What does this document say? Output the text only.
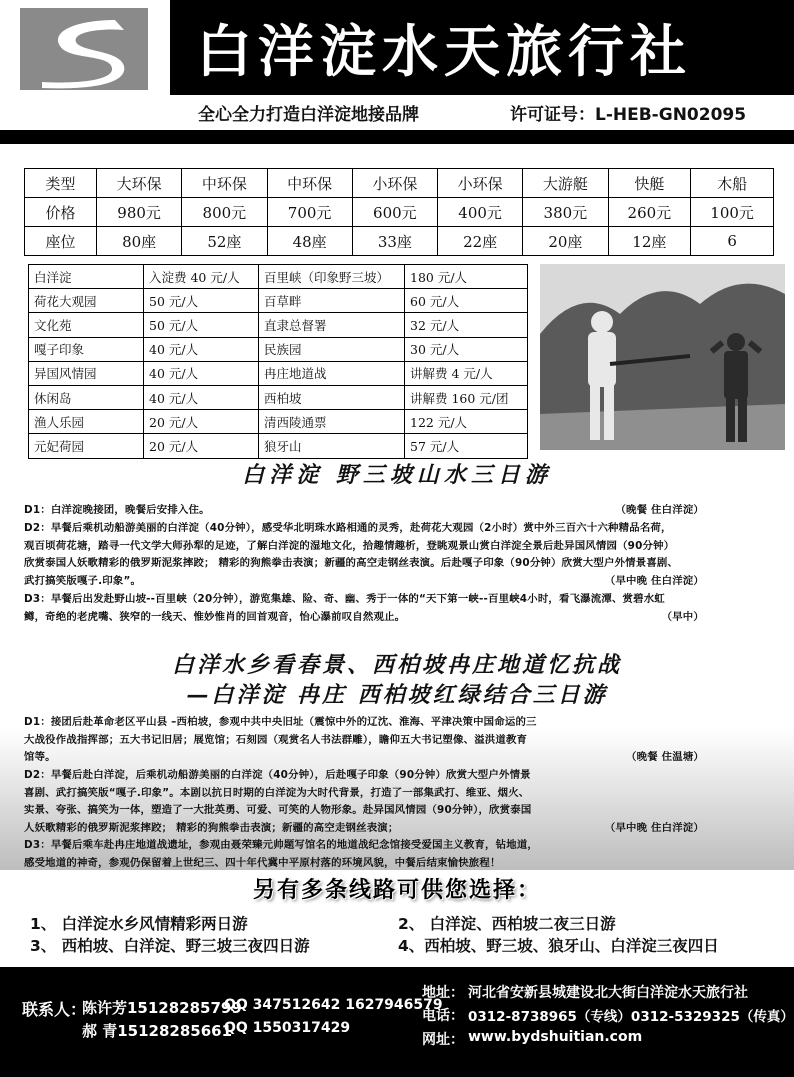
白洋淀水天旅行社
全心全力打造白洋淀地接品牌	许可证号：L-HEB-GN02095
类型	大环保	中环保	中环保	小环保	小环保	大游艇	快艇	木船
价格	980元	800元	700元	600元	400元	380元	260元	100元
座位	80座	52座	48座	33座	22座	20座	12座	6
白洋淀	入淀费 40 元/人	百里峡（印象野三坡）	180 元/人
荷花大观园	50 元/人	百草畔	60 元/人
文化苑	50 元/人	直隶总督署	32 元/人
嘎子印象	40 元/人	民族园	30 元/人
异国风情园	40 元/人	冉庄地道战	讲解费 4 元/人
休闲岛	40 元/人	西柏坡	讲解费 160 元/团
渔人乐园	20 元/人	清西陵通票	122 元/人
元妃荷园	20 元/人	狼牙山	57 元/人
白洋淀 野三坡山水三日游
D1：白洋淀晚接团，晚餐后安排入住。	（晚餐 住白洋淀）
D2：早餐后乘机动船游美丽的白洋淀（40分钟），感受华北明珠水路相通的灵秀，赴荷花大观园（2小时）赏中外三百六十六种精品名荷，
观百顷荷花塘，踏寻一代文学大师孙犁的足迹，了解白洋淀的湿地文化，拾趣情趣析，登眺观景山赏白洋淀全景后赴异国风情园（90分钟）
欣赏泰国人妖歌精彩的俄罗斯泥浆摔跤； 精彩的狗熊拳击表演；新疆的高空走钢丝表演。后赴嘎子印象（90分钟）欣赏大型户外情景喜剧、
武打搞笑版嘎子.印象”。	（早中晚 住白洋淀）
D3：早餐后出发赴野山坡--百里峡（20分钟），游览集雄、险、奇、幽、秀于一体的“天下第一峡--百里峡4小时，看飞瀑流潭、赏碧水虹
鳟，奇绝的老虎嘴、狭窄的一线天、惟妙惟肖的回首观音，怡心瀑前叹自然观止。	（早中）
白洋水乡看春景、西柏坡冉庄地道忆抗战
—白洋淀 冉庄 西柏坡红绿结合三日游
D1：接团后赴革命老区平山县 –西柏坡，参观中共中央旧址（震惊中外的辽沈、淮海、平津决策中国命运的三
大战役作战指挥部；五大书记旧居；展览馆；石刻园（观赏名人书法群雕），瞻仰五大书记塑像、溢洪道教育
馆等。	（晚餐 住温塘）
D2：早餐后赴白洋淀，后乘机动船游美丽的白洋淀（40分钟），后赴嘎子印象（90分钟）欣赏大型户外情景
喜剧、武打搞笑版“嘎子.印象”。本剧以抗日时期的白洋淀为大时代背景，打造了一部集武打、维亚、烟火、
实景、夸张、搞笑为一体，塑造了一大批英勇、可爱、可笑的人物形象。赴异国风情园（90分钟），欣赏泰国
人妖歌精彩的俄罗斯泥浆摔跤； 精彩的狗熊拳击表演；新疆的高空走钢丝表演；	（早中晚 住白洋淀）
D3：早餐后乘车赴冉庄地道战遗址，参观由聂荣臻元帅题写馆名的地道战纪念馆接受爱国主义教育，钻地道，
感受地道的神奇，参观仍保留着上世纪三、四十年代冀中平原村落的环境风貌，中餐后结束愉快旅程！
另有多条线路可供您选择：
1、 白洋淀水乡风情精彩两日游	2、 白洋淀、西柏坡二夜三日游
3、 西柏坡、白洋淀、野三坡三夜四日游	4、西柏坡、野三坡、狼牙山、白洋淀三夜四日
联系人：
陈许芳15128285799
QQ 347512642 1627946579
郝 青15128285661
QQ 1550317429
地址： 河北省安新县城建设北大街白洋淀水天旅行社
电话： 0312-8738965（专线）0312-5329325（传真）
网址： www.bydshuitian.com
